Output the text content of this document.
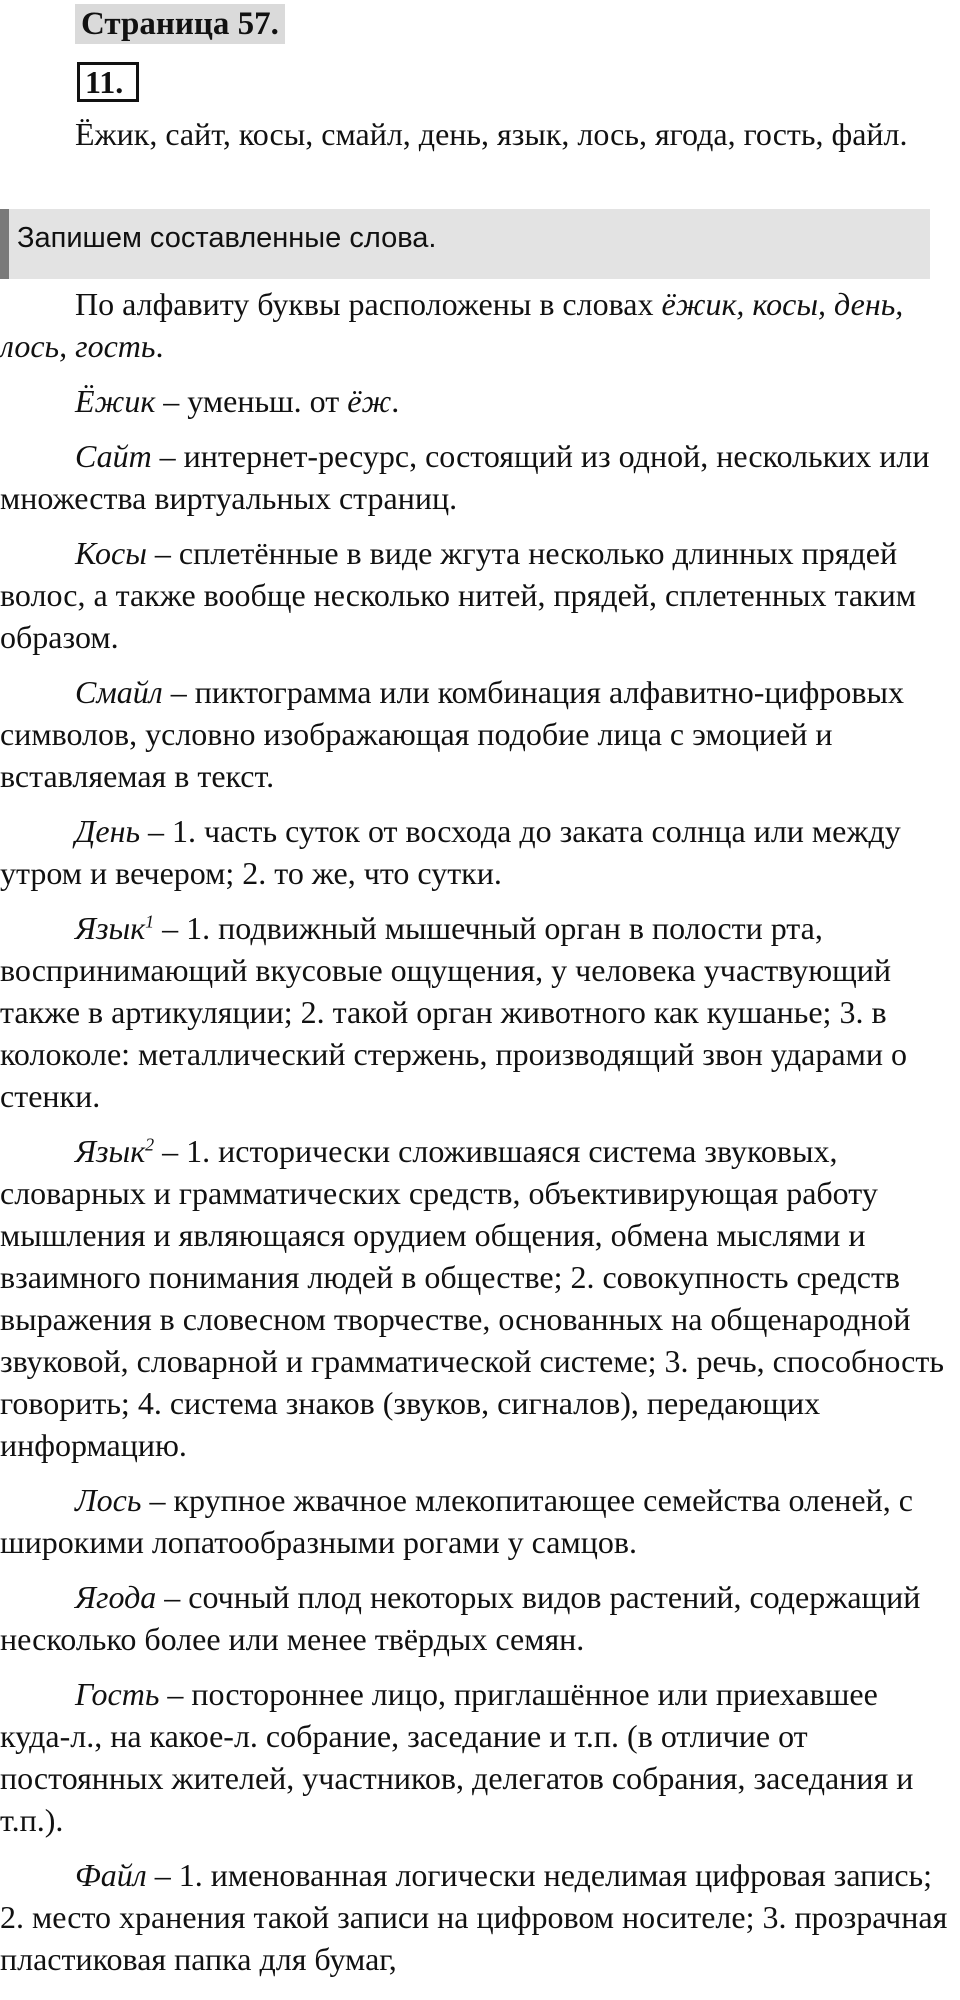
Страница 57.
11.

Ёжик, сайт, косы, смайл, день, язык, лось, ягода, гость, файл.

Запишем составленные слова.

По алфавиту буквы расположены в словах ёжик, косы, день, лось, гость.

Ёжик – уменьш. от ёж.

Сайт – интернет-ресурс, состоящий из одной, нескольких или множества виртуальных страниц.

Косы – сплетённые в виде жгута несколько длинных прядей волос, а также вообще несколько нитей, прядей, сплетенных таким образом.

Смайл – пиктограмма или комбинация алфавитно-цифровых символов, условно изображающая подобие лица с эмоцией и вставляемая в текст.

День – 1. часть суток от восхода до заката солнца или между утром и вечером; 2. то же, что сутки.

Язык$^1$ – 1. подвижный мышечный орган в полости рта, воспринимающий вкусовые ощущения, у человека участвующий также в артикуляции; 2. такой орган животного как кушанье; 3. в колоколе: металлический стержень, производящий звон ударами о стенки.

Язык$^2$ – 1. исторически сложившаяся система звуковых, словарных и грамматических средств, объективирующая работу мышления и являющаяся орудием общения, обмена мыслями и взаимного понимания людей в обществе; 2. совокупность средств выражения в словесном творчестве, основанных на общенародной звуковой, словарной и грамматической системе; 3. речь, способность говорить; 4. система знаков (звуков, сигналов), передающих информацию.

Лось – крупное жвачное млекопитающее семейства оленей, с широкими лопатообразными рогами у самцов.

Ягода – сочный плод некоторых видов растений, содержащий несколько более или менее твёрдых семян.

Гость – постороннее лицо, приглашённое или приехавшее куда-л., на какое-л. собрание, заседание и т.п. (в отличие от постоянных жителей, участников, делегатов собрания, заседания и т.п.).

Файл – 1. именованная логически неделимая цифровая запись; 2. место хранения такой записи на цифровом носителе; 3. прозрачная пластиковая папка для бумаг,
